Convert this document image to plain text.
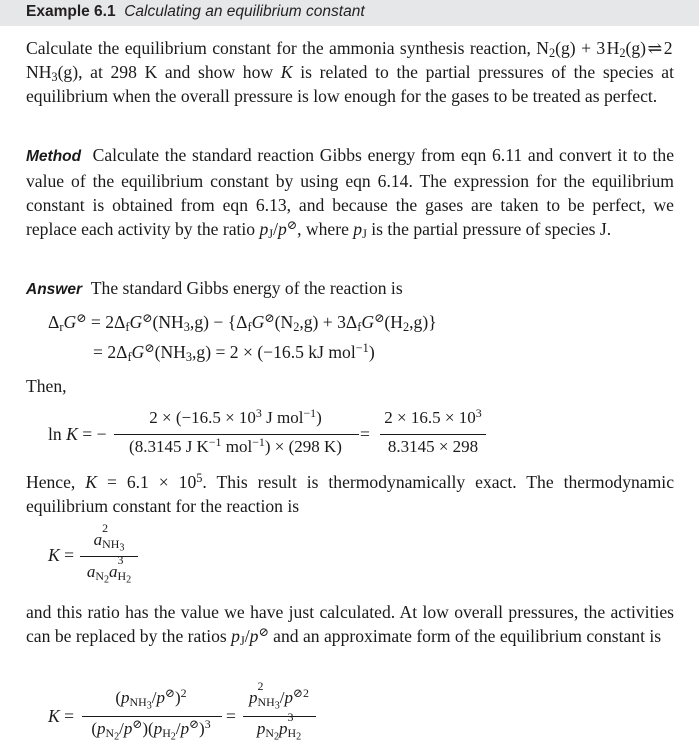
Example 6.1 Calculating an equilibrium constant

Calculate the equilibrium constant for the ammonia synthesis reaction, $N_2(g) + 3$ $H_2(g)$ ⇌ 2 $NH_3(g)$, at 298 K and show how K is related to the partial pressures of the species at equilibrium when the overall pressure is low enough for the gases to be treated as perfect.

Method Calculate the standard reaction Gibbs energy from eqn 6.11 and convert it to the value of the equilibrium constant by using eqn 6.14. The expression for the equilibrium constant is obtained from eqn 6.13, and because the gases are taken to be perfect, we replace each activity by the ratio $p_J/p^⊘$, where $p_J$ is the partial pressure of species J.

Answer The standard Gibbs energy of the reaction is

$\Delta_rG^⊘ = 2\Delta_fG^⊘(NH_3,g) - \{\Delta_fG^⊘(N_2,g) + 3\Delta_fG^⊘(H_2,g)\}$
= $2\Delta_fG^⊘(NH_3,g) = 2 \times (-16.5$ kJ mol$^{-1}$)
Then,
ln K = −
$2 \times (-16.5 \times 10^3$ J mol$^{-1}$)
(8.3145 J $K^{-1}$ mol$^{-1}$) × (298 K)
=
$2 \times 16.5 \times 10^3$
8.3145 × 298

Hence, $K = 6.1 \times 10^5$. This result is thermodynamically exact. The thermodynamic equilibrium constant for the reaction is

K =
a
2
$_{NH_3}$
$a_{N_2}a$
3
$_{H_2}$

and this ratio has the value we have just calculated. At low overall pressures, the activities can be replaced by the ratios $p_J/p^⊘$ and an approximate form of the equilibrium constant is

K =
$(p_{NH_3}/p^⊘)^2$
$(p_{N_2}/p^⊘)(p_{H_2}/p^⊘)^3$ =
p
2
$_{NH_3}/p^{⊘2}$
$p_{N_2}p$
3
$_{H_2}$
